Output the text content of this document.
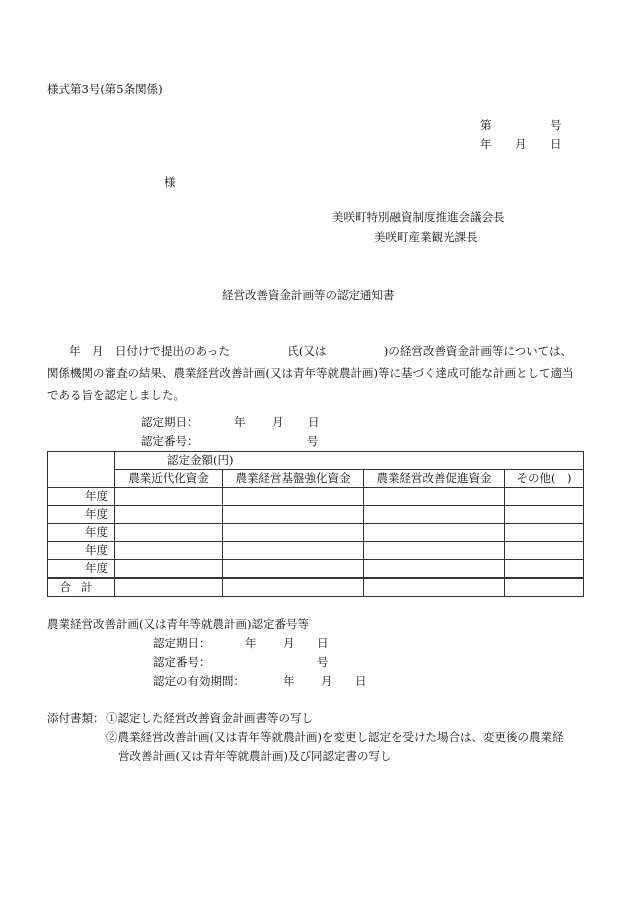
様式第3号(第5条関係)
第	号
年 月 日
様
美咲町特別融資制度推進会議会長
美咲町産業観光課長
経営改善資金計画等の認定通知書
年　月　日付けで提出のあった　　　　　氏(又は　　　　　)の経営改善資金計画等については、関係機関の審査の結果、農業経営改善計画(又は青年等就農計画)等に基づく達成可能な計画として適当である旨を認定しました。
認定期日：	年 月 日
認定番号：	号
	認定金額(円)			
	農業近代化資金	農業経営基盤強化資金	農業経営改善促進資金	その他(　)
年度				
年度				
年度				
年度				
年度				
合計				
農業経営改善計画(又は青年等就農計画)認定番号等
認定期日：	年 月 日
認定番号：	号
認定の有効期間：	年 月 日
添付書類： ①認定した経営改善資金計画書等の写し
②農業経営改善計画(又は青年等就農計画)を変更し認定を受けた場合は、変更後の農業経
営改善計画(又は青年等就農計画)及び同認定書の写し
